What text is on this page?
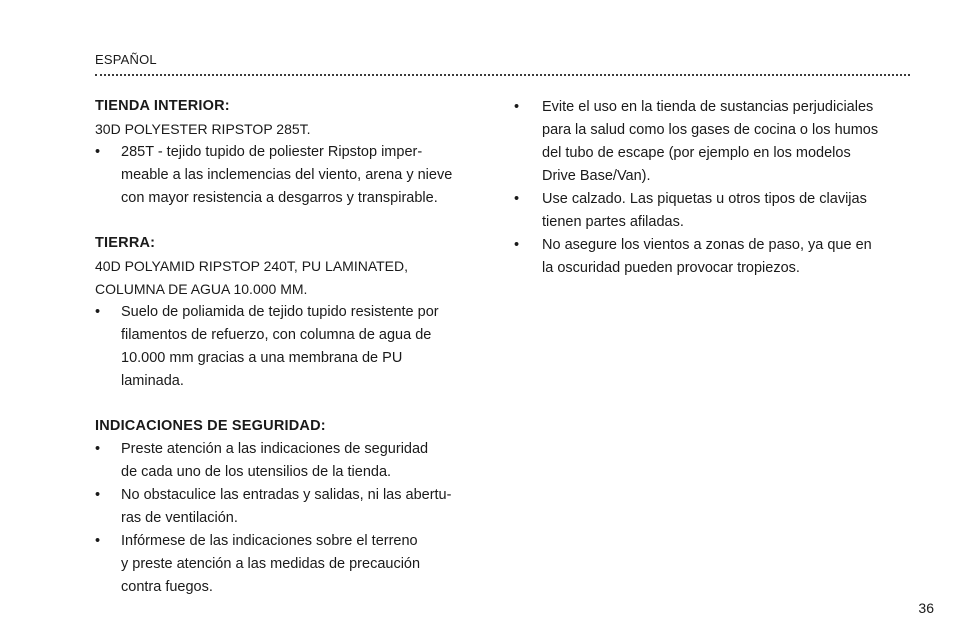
ESPAÑOL
TIENDA INTERIOR:
30D POLYESTER RIPSTOP 285T.
•	285T - tejido tupido de poliester Ripstop imper-
meable a las inclemencias del viento, arena y nieve
con mayor resistencia a desgarros y transpirable.
TIERRA:
40D POLYAMID RIPSTOP 240T, PU LAMINATED,
COLUMNA DE AGUA 10.000 MM.
•	Suelo de poliamida de tejido tupido resistente por
filamentos de refuerzo, con columna de agua de
10.000 mm gracias a una membrana de PU
laminada.
INDICACIONES DE SEGURIDAD:
•	Preste atención a las indicaciones de seguridad
de cada uno de los utensilios de la tienda.
•	No obstaculice las entradas y salidas, ni las abertu-
ras de ventilación.
•	Infórmese de las indicaciones sobre el terreno
y preste atención a las medidas de precaución
contra fuegos.
•	Evite el uso en la tienda de sustancias perjudiciales
para la salud como los gases de cocina o los humos
del tubo de escape (por ejemplo en los modelos
Drive Base/Van).
•	Use calzado. Las piquetas u otros tipos de clavijas
tienen partes afiladas.
•	No asegure los vientos a zonas de paso, ya que en
la oscuridad pueden provocar tropiezos.
36
